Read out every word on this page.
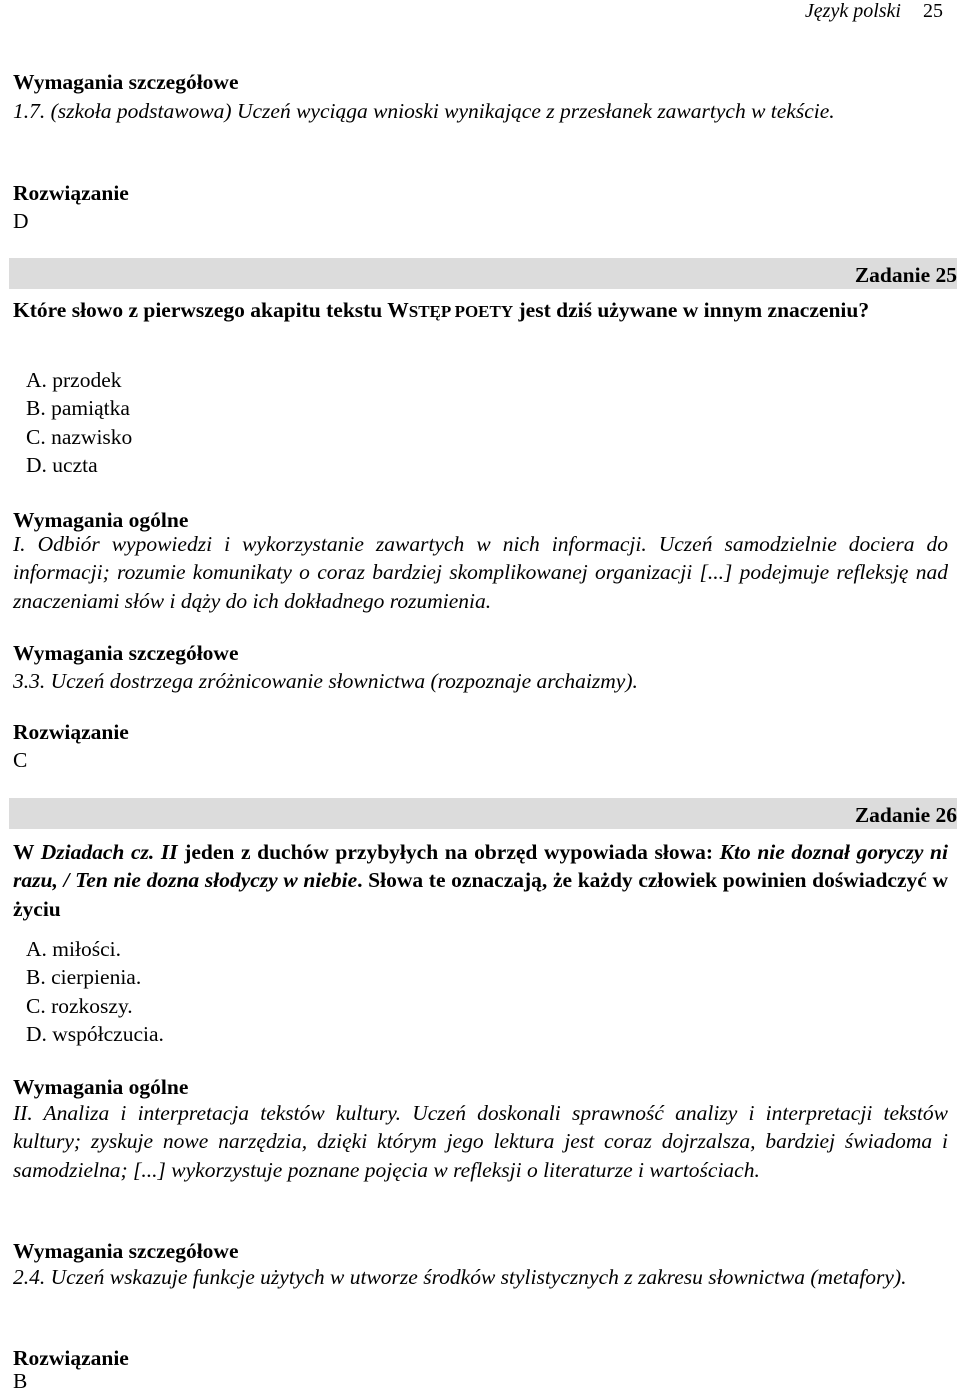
Język polski 25
Wymagania szczegółowe
1.7. (szkoła podstawowa) Uczeń wyciąga wnioski wynikające z przesłanek zawartych w tekście.
Rozwiązanie
D
Zadanie 25
Które słowo z pierwszego akapitu tekstu WSTĘP POETY jest dziś używane w innym znaczeniu?
A. przodek
B. pamiątka
C. nazwisko
D. uczta
Wymagania ogólne
I. Odbiór wypowiedzi i wykorzystanie zawartych w nich informacji. Uczeń samodzielnie dociera do informacji; rozumie komunikaty o coraz bardziej skomplikowanej organizacji [...] podejmuje refleksję nad znaczeniami słów i dąży do ich dokładnego rozumienia.
Wymagania szczegółowe
3.3. Uczeń dostrzega zróżnicowanie słownictwa (rozpoznaje archaizmy).
Rozwiązanie
C
Zadanie 26
W Dziadach cz. II jeden z duchów przybyłych na obrzęd wypowiada słowa: Kto nie doznał goryczy ni razu, / Ten nie dozna słodyczy w niebie. Słowa te oznaczają, że każdy człowiek powinien doświadczyć w życiu
A. miłości.
B. cierpienia.
C. rozkoszy.
D. współczucia.
Wymagania ogólne
II. Analiza i interpretacja tekstów kultury. Uczeń doskonali sprawność analizy i interpretacji tekstów kultury; zyskuje nowe narzędzia, dzięki którym jego lektura jest coraz dojrzalsza, bardziej świadoma i samodzielna; [...] wykorzystuje poznane pojęcia w refleksji o literaturze i wartościach.
Wymagania szczegółowe
2.4. Uczeń wskazuje funkcje użytych w utworze środków stylistycznych z zakresu słownictwa (metafory).
Rozwiązanie
B
